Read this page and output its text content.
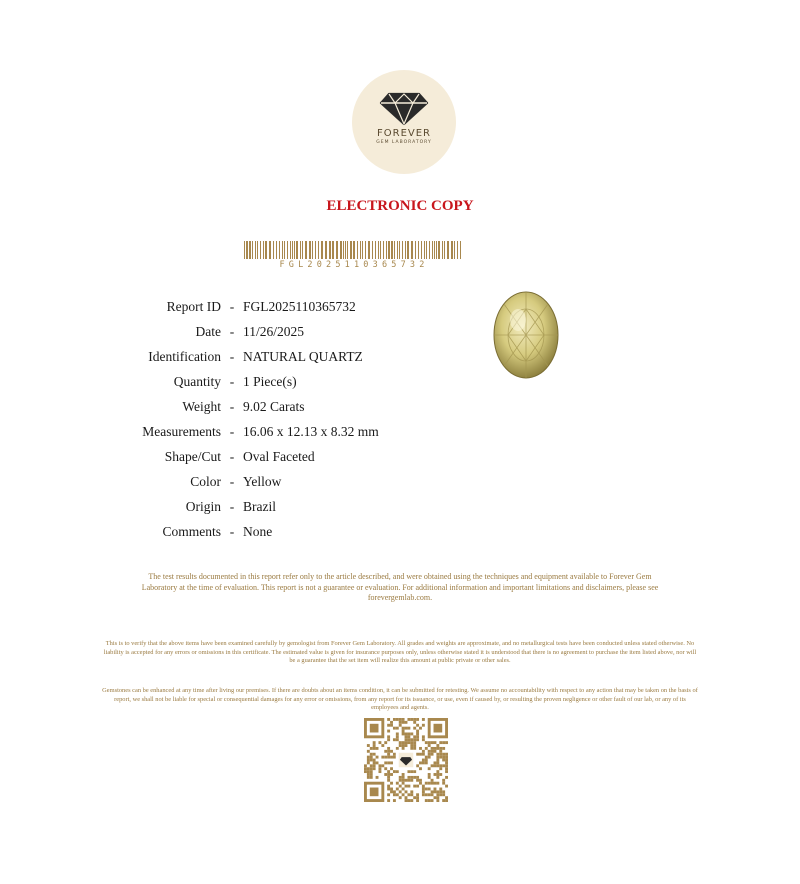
FOREVER
GEM LABORATORY
ELECTRONIC COPY
FGL2025110365732
Report ID - FGL2025110365732
Date - 11/26/2025
Identification - NATURAL QUARTZ
Quantity - 1 Piece(s)
Weight - 9.02 Carats
Measurements - 16.06 x 12.13 x 8.32 mm
Shape/Cut - Oval Faceted
Color - Yellow
Origin - Brazil
Comments - None
The test results documented in this report refer only to the article described, and were obtained using the techniques and equipment available to Forever Gem Laboratory at the time of evaluation. This report is not a guarantee or evaluation. For additional information and important limitations and disclaimers, please see forevergemlab.com.
This is to verify that the above items have been examined carefully by gemologist from Forever Gem Laboratory. All grades and weights are approximate, and no metallurgical tests have been conducted unless stated otherwise. No liability is accepted for any errors or omissions in this certificate. The estimated value is given for insurance purposes only, unless otherwise stated it is understood that there is no agreement to purchase the item listed above, nor will be a guarantee that the set item will realize this amount at public private or other sales.
Gemstones can be enhanced at any time after living our premises. If there are doubts about an items condition, it can be submitted for retesting. We assume no accountability with respect to any action that may be taken on the basis of report, we shall not be liable for special or consequential damages for any error or omissions, from any report for its issuance, or use, even if caused by, or resulting the proven negligence or other fault of our lab, or any of its employees and agents.
